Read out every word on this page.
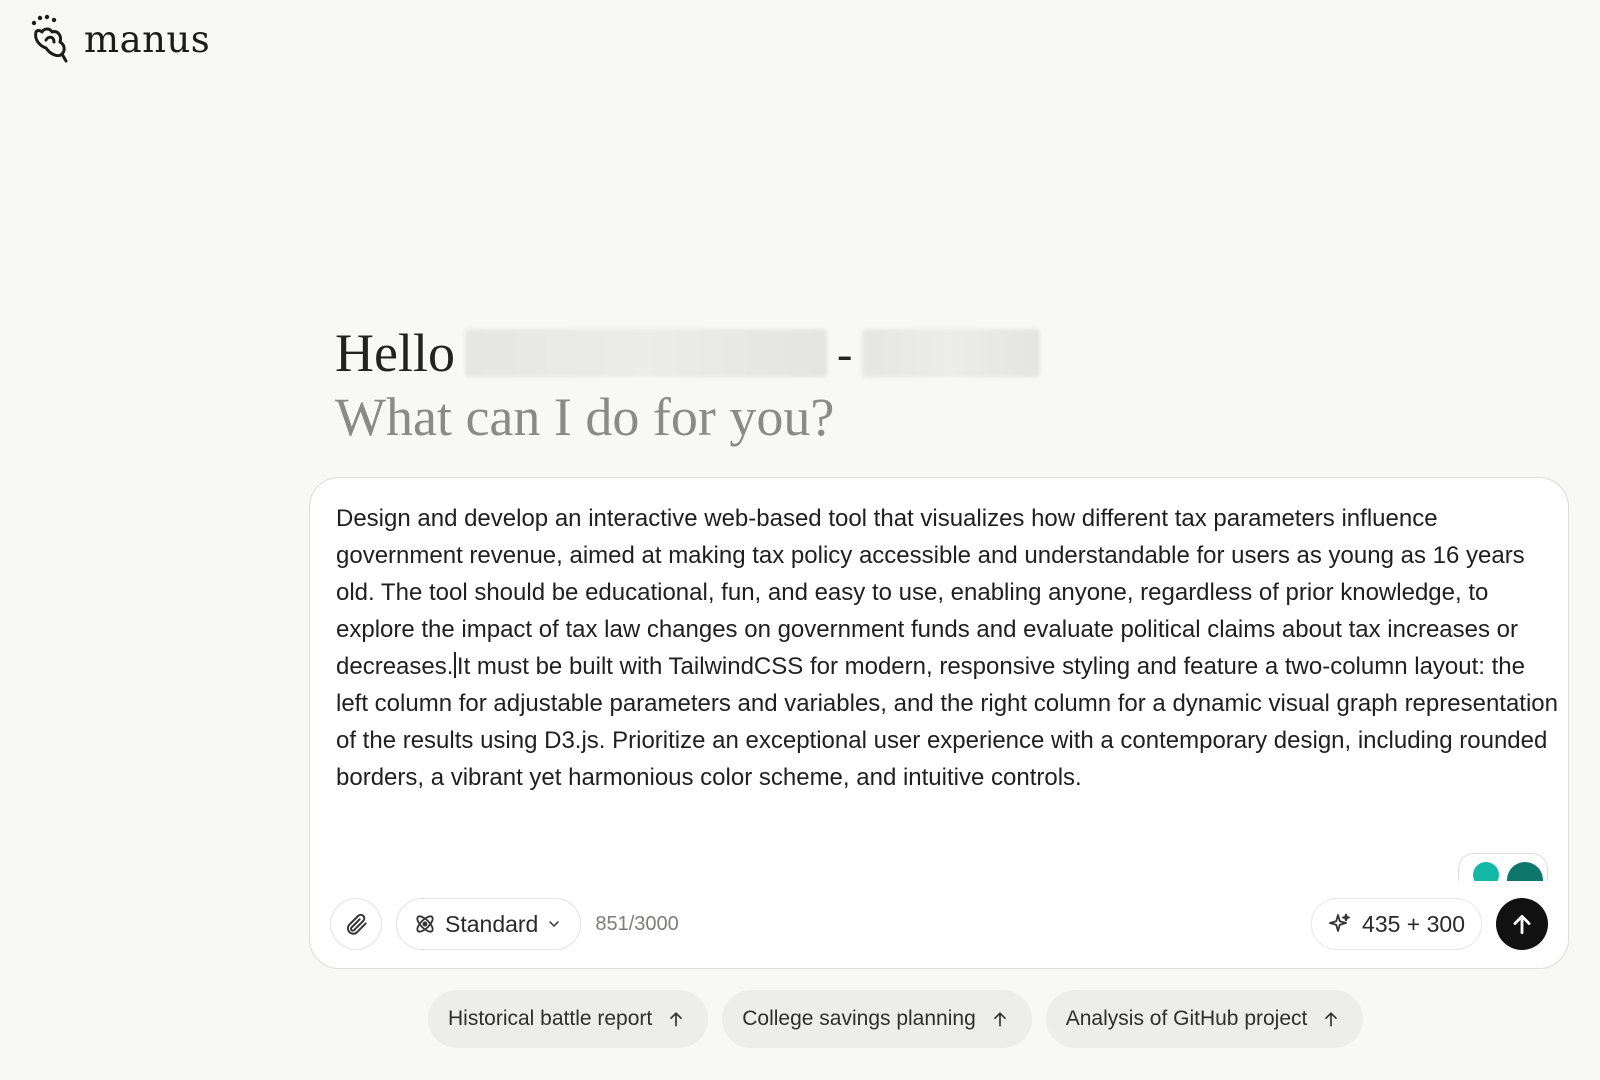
manus
Hello	-
What can I do for you?
Design and develop an interactive web-based tool that visualizes how different tax parameters influence government revenue, aimed at making tax policy accessible and understandable for users as young as 16 years old. The tool should be educational, fun, and easy to use, enabling anyone, regardless of prior knowledge, to explore the impact of tax law changes on government funds and evaluate political claims about tax increases or decreases. It must be built with TailwindCSS for modern, responsive styling and feature a two-column layout: the left column for adjustable parameters and variables, and the right column for a dynamic visual graph representation of the results using D3.js. Prioritize an exceptional user experience with a contemporary design, including rounded borders, a vibrant yet harmonious color scheme, and intuitive controls.
Standard	851/3000	435 + 300
Historical battle report	College savings planning	Analysis of GitHub project
